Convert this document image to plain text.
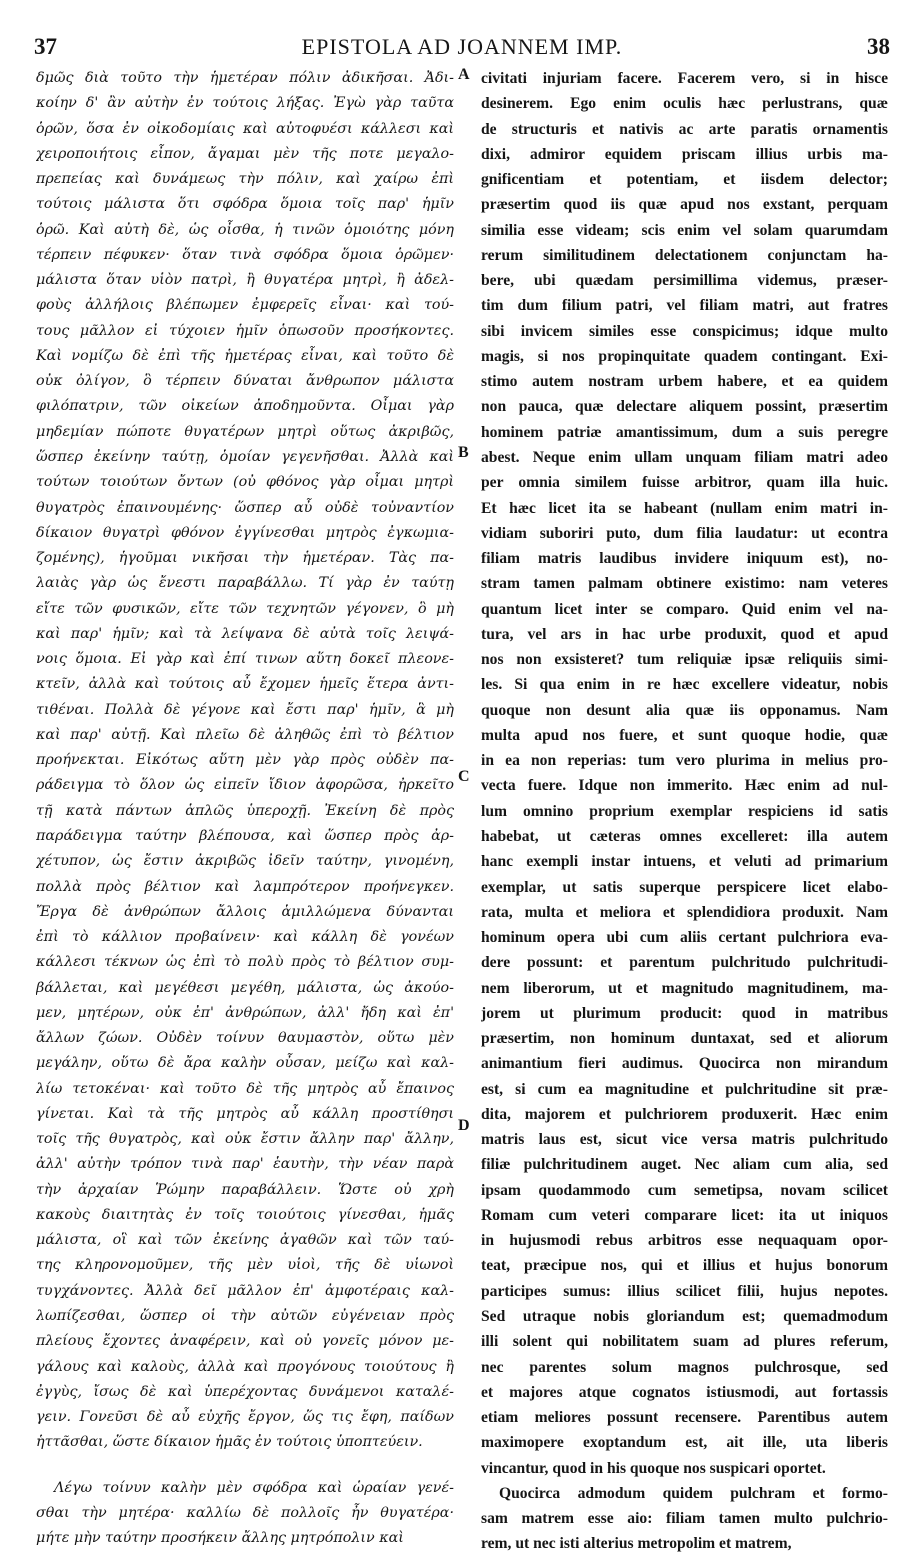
37	EPISTOLA AD JOANNEM IMP.	38
δμῶς διὰ τοῦτο τὴν ἡμετέραν πόλιν ἀδικῆσαι. Ἀδι-
κοίην δ' ἂν αὐτὴν ἐν τούτοις λήξας. Ἐγὼ γὰρ ταῦτα
ὁρῶν, ὅσα ἐν οἰκοδομίαις καὶ αὐτοφυέσι κάλλεσι καὶ
χειροποιήτοις εἶπον, ἄγαμαι μὲν τῆς ποτε μεγαλο-
πρεπείας καὶ δυνάμεως τὴν πόλιν, καὶ χαίρω ἐπὶ
τούτοις μάλιστα ὅτι σφόδρα ὅμοια τοῖς παρ' ἡμῖν
ὁρῶ. Καὶ αὐτὴ δὲ, ὡς οἶσθα, ἡ τινῶν ὁμοιότης μόνη
τέρπειν πέφυκεν· ὅταν τινὰ σφόδρα ὅμοια ὁρῶμεν·
μάλιστα ὅταν υἱὸν πατρὶ, ἢ θυγατέρα μητρὶ, ἢ ἀδελ-
φοὺς ἀλλήλοις βλέπωμεν ἐμφερεῖς εἶναι· καὶ τού-
τους μᾶλλον εἰ τύχοιεν ἡμῖν ὁπωσοῦν προσήκοντες.
Καὶ νομίζω δὲ ἐπὶ τῆς ἡμετέρας εἶναι, καὶ τοῦτο δὲ
οὐκ ὀλίγον, ὃ τέρπειν δύναται ἄνθρωπον μάλιστα
φιλόπατριν, τῶν οἰκείων ἀποδημοῦντα. Οἶμαι γὰρ
μηδεμίαν πώποτε θυγατέρων μητρὶ οὕτως ἀκριβῶς,
ὥσπερ ἐκείνην ταύτῃ, ὁμοίαν γεγενῆσθαι. Ἀλλὰ καὶ
τούτων τοιούτων ὄντων (οὐ φθόνος γὰρ οἶμαι μητρὶ
θυγατρὸς ἐπαινουμένης· ὥσπερ αὖ οὐδὲ τοὐναντίον
δίκαιον θυγατρὶ φθόνον ἐγγίνεσθαι μητρὸς ἐγκωμια-
ζομένης), ἡγοῦμαι νικῆσαι τὴν ἡμετέραν. Τὰς πα-
λαιὰς γὰρ ὡς ἔνεστι παραβάλλω. Τί γὰρ ἐν ταύτῃ
εἴτε τῶν φυσικῶν, εἴτε τῶν τεχνητῶν γέγονεν, ὃ μὴ
καὶ παρ' ἡμῖν; καὶ τὰ λείψανα δὲ αὐτὰ τοῖς λειψά-
νοις ὅμοια. Εἰ γὰρ καὶ ἐπί τινων αὕτη δοκεῖ πλεονε-
κτεῖν, ἀλλὰ καὶ τούτοις αὖ ἔχομεν ἡμεῖς ἕτερα ἀντι-
τιθέναι. Πολλὰ δὲ γέγονε καὶ ἔστι παρ' ἡμῖν, ἃ μὴ
καὶ παρ' αὐτῇ. Καὶ πλεῖω δὲ ἀληθῶς ἐπὶ τὸ βέλτιον
προήνεκται. Εἰκότως αὕτη μὲν γὰρ πρὸς οὐδὲν πα-
ράδειγμα τὸ ὅλον ὡς εἰπεῖν ἴδιον ἀφορῶσα, ἠρκεῖτο
τῇ κατὰ πάντων ἁπλῶς ὑπεροχῇ. Ἐκείνη δὲ πρὸς
παράδειγμα ταύτην βλέπουσα, καὶ ὥσπερ πρὸς ἀρ-
χέτυπον, ὡς ἔστιν ἀκριβῶς ἰδεῖν ταύτην, γινομένη,
πολλὰ πρὸς βέλτιον καὶ λαμπρότερον προήνεγκεν.
Ἔργα δὲ ἀνθρώπων ἄλλοις ἁμιλλώμενα δύνανται
ἐπὶ τὸ κάλλιον προβαίνειν· καὶ κάλλη δὲ γονέων
κάλλεσι τέκνων ὡς ἐπὶ τὸ πολὺ πρὸς τὸ βέλτιον συμ-
βάλλεται, καὶ μεγέθεσι μεγέθη, μάλιστα, ὡς ἀκούο-
μεν, μητέρων, οὐκ ἐπ' ἀνθρώπων, ἀλλ' ἤδη καὶ ἐπ'
ἄλλων ζώων. Οὐδὲν τοίνυν θαυμαστὸν, οὕτω μὲν
μεγάλην, οὕτω δὲ ἄρα καλὴν οὖσαν, μείζω καὶ καλ-
λίω τετοκέναι· καὶ τοῦτο δὲ τῆς μητρὸς αὖ ἔπαινος
γίνεται. Καὶ τὰ τῆς μητρὸς αὖ κάλλη προστίθησι
τοῖς τῆς θυγατρὸς, καὶ οὐκ ἔστιν ἄλλην παρ' ἄλλην,
ἀλλ' αὐτὴν τρόπον τινὰ παρ' ἑαυτὴν, τὴν νέαν παρὰ
τὴν ἀρχαίαν Ῥώμην παραβάλλειν. Ὥστε οὐ χρὴ
κακοὺς διαιτητὰς ἐν τοῖς τοιούτοις γίνεσθαι, ἡμᾶς
μάλιστα, οἳ καὶ τῶν ἐκείνης ἀγαθῶν καὶ τῶν ταύ-
της κληρονομοῦμεν, τῆς μὲν υἱοὶ, τῆς δὲ υἱωνοὶ
τυγχάνοντες. Ἀλλὰ δεῖ μᾶλλον ἐπ' ἀμφοτέραις καλ-
λωπίζεσθαι, ὥσπερ οἱ τὴν αὐτῶν εὐγένειαν πρὸς
πλείους ἔχοντες ἀναφέρειν, καὶ οὐ γονεῖς μόνον με-
γάλους καὶ καλοὺς, ἀλλὰ καὶ προγόνους τοιούτους ἢ
ἐγγὺς, ἴσως δὲ καὶ ὑπερέχοντας δυνάμενοι καταλέ-
γειν. Γονεῦσι δὲ αὖ εὐχῆς ἔργον, ὥς τις ἔφη, παίδων
ἡττᾶσθαι, ὥστε δίκαιον ἡμᾶς ἐν τούτοις ὑποπτεύειν.
Λέγω τοίνυν καλὴν μὲν σφόδρα καὶ ὡραίαν γενέ-
σθαι τὴν μητέρα· καλλίω δὲ πολλοῖς ἦν θυγατέρα·
μήτε μὴν ταύτην προσήκειν ἄλλης μητρόπολιν καὶ
civitati injuriam facere. Facerem vero, si in hisce
desinerem. Ego enim oculis hæc perlustrans, quæ
de structuris et nativis ac arte paratis ornamentis
dixi, admiror equidem priscam illius urbis ma-
gnificentiam et potentiam, et iisdem delector;
præsertim quod iis quæ apud nos exstant, perquam
similia esse videam; scis enim vel solam quarumdam
rerum similitudinem delectationem conjunctam ha-
bere, ubi quædam persimillima videmus, præser-
tim dum filium patri, vel filiam matri, aut fratres
sibi invicem similes esse conspicimus; idque multo
magis, si nos propinquitate quadem contingant. Exi-
stimo autem nostram urbem habere, et ea quidem
non pauca, quæ delectare aliquem possint, præsertim
hominem patriæ amantissimum, dum a suis peregre
abest. Neque enim ullam unquam filiam matri adeo
per omnia similem fuisse arbitror, quam illa huic.
Et hæc licet ita se habeant (nullam enim matri in-
vidiam suboriri puto, dum filia laudatur: ut econtra
filiam matris laudibus invidere iniquum est), no-
stram tamen palmam obtinere existimo: nam veteres
quantum licet inter se comparo. Quid enim vel na-
tura, vel ars in hac urbe produxit, quod et apud
nos non exsisteret? tum reliquiæ ipsæ reliquiis simi-
les. Si qua enim in re hæc excellere videatur, nobis
quoque non desunt alia quæ iis opponamus. Nam
multa apud nos fuere, et sunt quoque hodie, quæ
in ea non reperias: tum vero plurima in melius pro-
vecta fuere. Idque non immerito. Hæc enim ad nul-
lum omnino proprium exemplar respiciens id satis
habebat, ut cæteras omnes excelleret: illa autem
hanc exempli instar intuens, et veluti ad primarium
exemplar, ut satis superque perspicere licet elabo-
rata, multa et meliora et splendidiora produxit. Nam
hominum opera ubi cum aliis certant pulchriora eva-
dere possunt: et parentum pulchritudo pulchritudi-
nem liberorum, ut et magnitudo magnitudinem, ma-
jorem ut plurimum producit: quod in matribus
præsertim, non hominum duntaxat, sed et aliorum
animantium fieri audimus. Quocirca non mirandum
est, si cum ea magnitudine et pulchritudine sit præ-
dita, majorem et pulchriorem produxerit. Hæc enim
matris laus est, sicut vice versa matris pulchritudo
filiæ pulchritudinem auget. Nec aliam cum alia, sed
ipsam quodammodo cum semetipsa, novam scilicet
Romam cum veteri comparare licet: ita ut iniquos
in hujusmodi rebus arbitros esse nequaquam opor-
teat, præcipue nos, qui et illius et hujus bonorum
participes sumus: illius scilicet filii, hujus nepotes.
Sed utraque nobis gloriandum est; quemadmodum
illi solent qui nobilitatem suam ad plures referum,
nec parentes solum magnos pulchrosque, sed
et majores atque cognatos istiusmodi, aut fortassis
etiam meliores possunt recensere. Parentibus autem
maximopere exoptandum est, ait ille, uta liberis
vincantur, quod in his quoque nos suspicari oportet.
Quocirca admodum quidem pulchram et formo-
sam matrem esse aio: filiam tamen multo pulchrio-
rem, ut nec isti alterius metropolim et matrem,
A
B
C
D
